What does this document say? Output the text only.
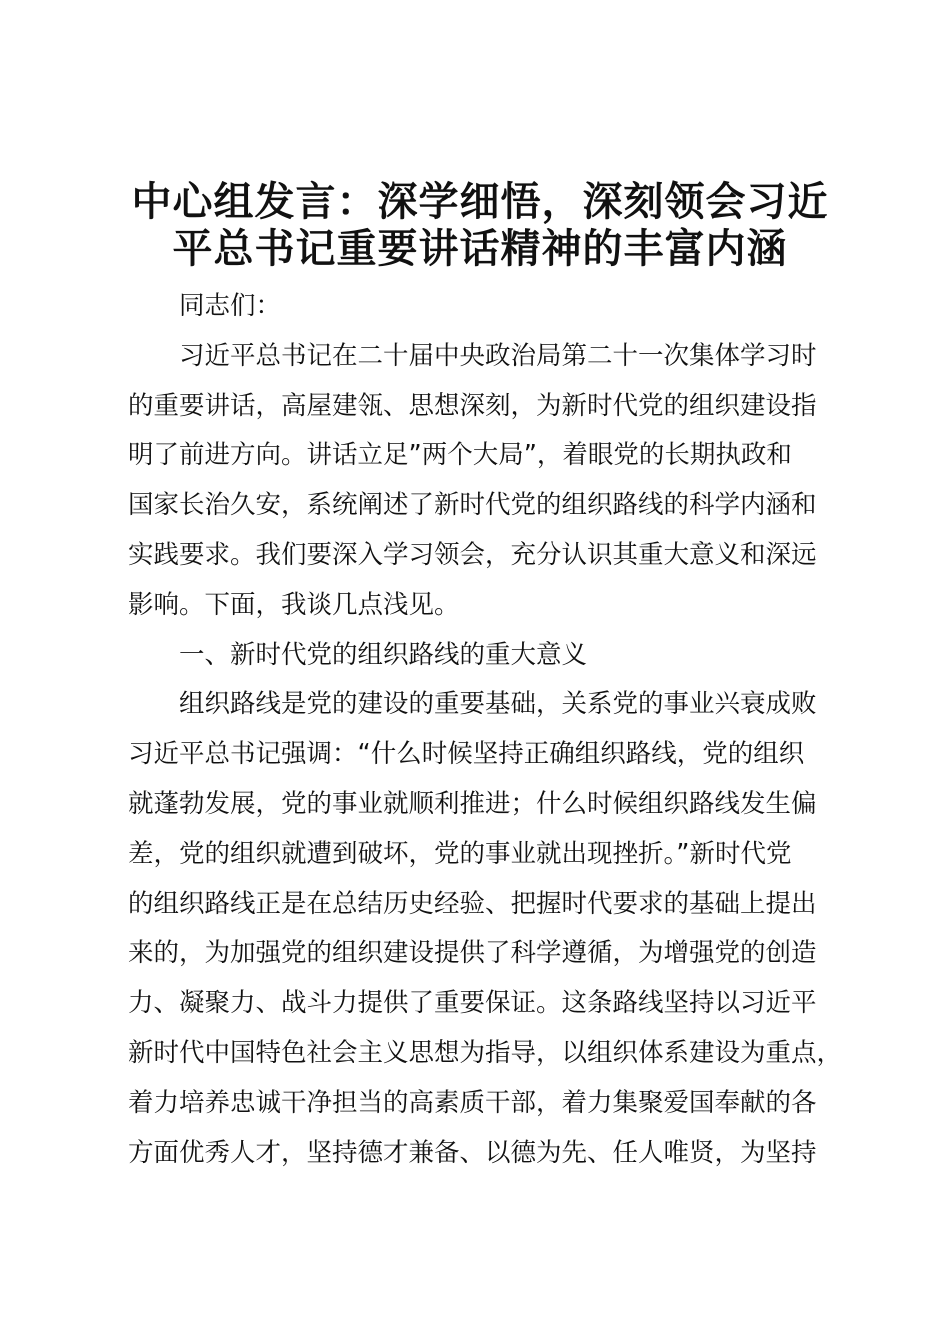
中心组发言：深学细悟，深刻领会习近
平总书记重要讲话精神的丰富内涵
同志们：
习近平总书记在二十届中央政治局第二十一次集体学习时
的重要讲话，高屋建瓴、思想深刻，为新时代党的组织建设指
明了前进方向。讲话立足”两个大局”，着眼党的长期执政和
国家长治久安，系统阐述了新时代党的组织路线的科学内涵和
实践要求。我们要深入学习领会，充分认识其重大意义和深远
影响。下面，我谈几点浅见。
一、新时代党的组织路线的重大意义
组织路线是党的建设的重要基础，关系党的事业兴衰成败
习近平总书记强调：“什么时候坚持正确组织路线，党的组织
就蓬勃发展，党的事业就顺利推进；什么时候组织路线发生偏
差，党的组织就遭到破坏，党的事业就出现挫折。”新时代党
的组织路线正是在总结历史经验、把握时代要求的基础上提出
来的，为加强党的组织建设提供了科学遵循，为增强党的创造
力、凝聚力、战斗力提供了重要保证。这条路线坚持以习近平
新时代中国特色社会主义思想为指导，以组织体系建设为重点，
着力培养忠诚干净担当的高素质干部，着力集聚爱国奉献的各
方面优秀人才，坚持德才兼备、以德为先、任人唯贤，为坚持
